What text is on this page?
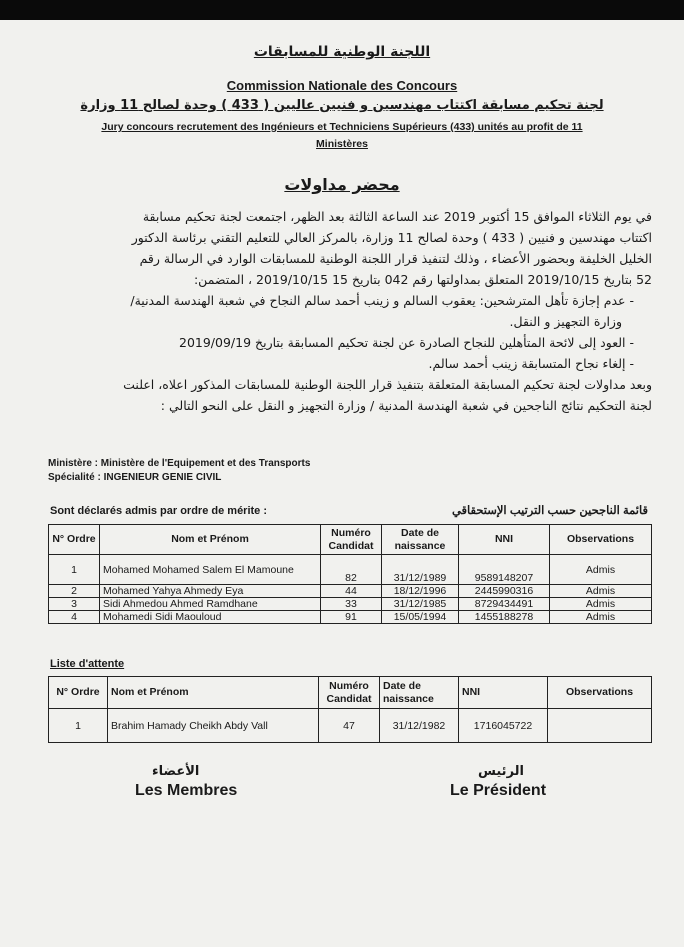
اللجنة الوطنية للمسابقات
Commission Nationale des Concours
لجنة تحكيم مسابقة اكتتاب مهندسين و فنيين عاليين ( 433 ) وحدة لصالح 11 وزارة
Jury concours recrutement des Ingénieurs et Techniciens Supérieurs (433) unités au profit de 11
Ministères
محضر مداولات
في يوم الثلاثاء الموافق 15 أكتوبر 2019 عند الساعة الثالثة بعد الظهر، اجتمعت لجنة تحكيم مسابقة
اكتتاب مهندسين و فنيين ( 433 ) وحدة لصالح 11 وزارة، بالمركز العالي للتعليم التقني برئاسة الدكتور
الخليل الخليفة وبحضور الأعضاء ، وذلك لتنفيذ قرار اللجنة الوطنية للمسابقات الوارد في الرسالة رقم
52 بتاريخ 2019/10/15 المتعلق بمداولتها رقم 042 بتاريخ 15 2019/10/15 ، المتضمن:
- عدم إجازة تأهل المترشحين: يعقوب السالم و زينب أحمد سالم النجاح في شعبة الهندسة المدنية/
وزارة التجهيز و النقل.
- العود إلى لائحة المتأهلين للنجاح الصادرة عن لجنة تحكيم المسابقة بتاريخ 2019/09/19
- إلغاء نجاح المتسابقة زينب أحمد سالم.
وبعد مداولات لجنة تحكيم المسابقة المتعلقة بتنفيذ قرار اللجنة الوطنية للمسابقات المذكور اعلاه، اعلنت
لجنة التحكيم نتائج الناجحين في شعبة الهندسة المدنية / وزارة التجهيز و النقل على النحو التالي :
Ministère : Ministère de l'Equipement et des Transports
Spécialité : INGENIEUR GENIE CIVIL
Sont déclarés admis par ordre de mérite :	قائمة الناجحين حسب الترتيب الإستحقاقي
N° Ordre	Nom et Prénom	Numéro Candidat	Date de naissance	NNI	Observations
1	Mohamed Mohamed Salem El Mamoune	82	31/12/1989	9589148207	Admis
2	Mohamed Yahya Ahmedy Eya	44	18/12/1996	2445990316	Admis
3	Sidi Ahmedou Ahmed Ramdhane	33	31/12/1985	8729434491	Admis
4	Mohamedi Sidi Maouloud	91	15/05/1994	1455188278	Admis
Liste d'attente
N° Ordre	Nom et Prénom	Numéro Candidat	Date de naissance	NNI	Observations
1	Brahim Hamady Cheikh Abdy Vall	47	31/12/1982	1716045722	
الأعضاء	الرئيس
Les Membres	Le Président
